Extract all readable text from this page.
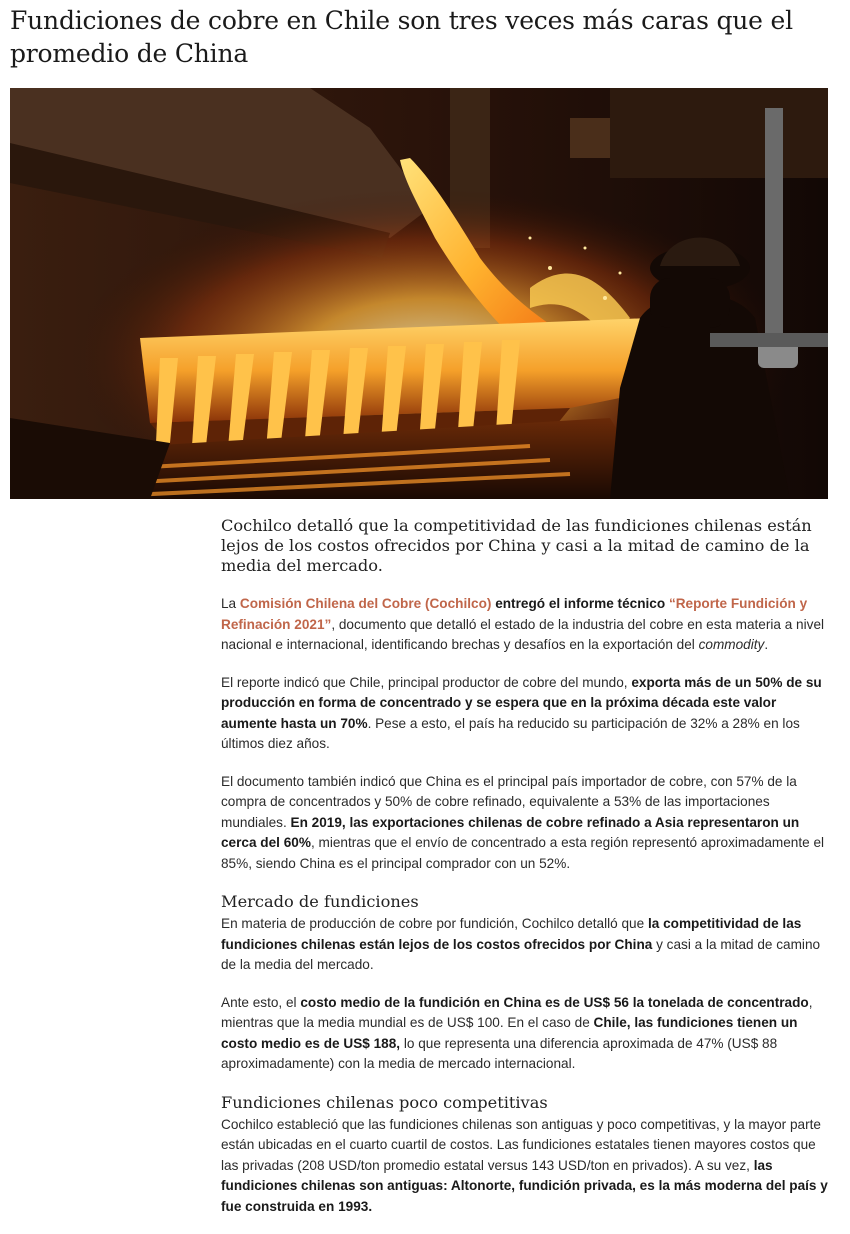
Fundiciones de cobre en Chile son tres veces más caras que el promedio de China

Cochilco detalló que la competitividad de las fundiciones chilenas están lejos de los costos ofrecidos por China y casi a la mitad de camino de la media del mercado.

La Comisión Chilena del Cobre (Cochilco) entregó el informe técnico “Reporte Fundición y Refinación 2021”, documento que detalló el estado de la industria del cobre en esta materia a nivel nacional e internacional, identificando brechas y desafíos en la exportación del commodity.

El reporte indicó que Chile, principal productor de cobre del mundo, exporta más de un 50% de su producción en forma de concentrado y se espera que en la próxima década este valor aumente hasta un 70%. Pese a esto, el país ha reducido su participación de 32% a 28% en los últimos diez años.

El documento también indicó que China es el principal país importador de cobre, con 57% de la compra de concentrados y 50% de cobre refinado, equivalente a 53% de las importaciones mundiales. En 2019, las exportaciones chilenas de cobre refinado a Asia representaron un cerca del 60%, mientras que el envío de concentrado a esta región representó aproximadamente el 85%, siendo China es el principal comprador con un 52%.

Mercado de fundiciones

En materia de producción de cobre por fundición, Cochilco detalló que la competitividad de las fundiciones chilenas están lejos de los costos ofrecidos por China y casi a la mitad de camino de la media del mercado.

Ante esto, el costo medio de la fundición en China es de US$ 56 la tonelada de concentrado, mientras que la media mundial es de US$ 100. En el caso de Chile, las fundiciones tienen un costo medio es de US$ 188, lo que representa una diferencia aproximada de 47% (US$ 88 aproximadamente) con la media de mercado internacional.

Fundiciones chilenas poco competitivas

Cochilco estableció que las fundiciones chilenas son antiguas y poco competitivas, y la mayor parte están ubicadas en el cuarto cuartil de costos. Las fundiciones estatales tienen mayores costos que las privadas (208 USD/ton promedio estatal versus 143 USD/ton en privados). A su vez, las fundiciones chilenas son antiguas: Altonorte, fundición privada, es la más moderna del país y fue construida en 1993.
